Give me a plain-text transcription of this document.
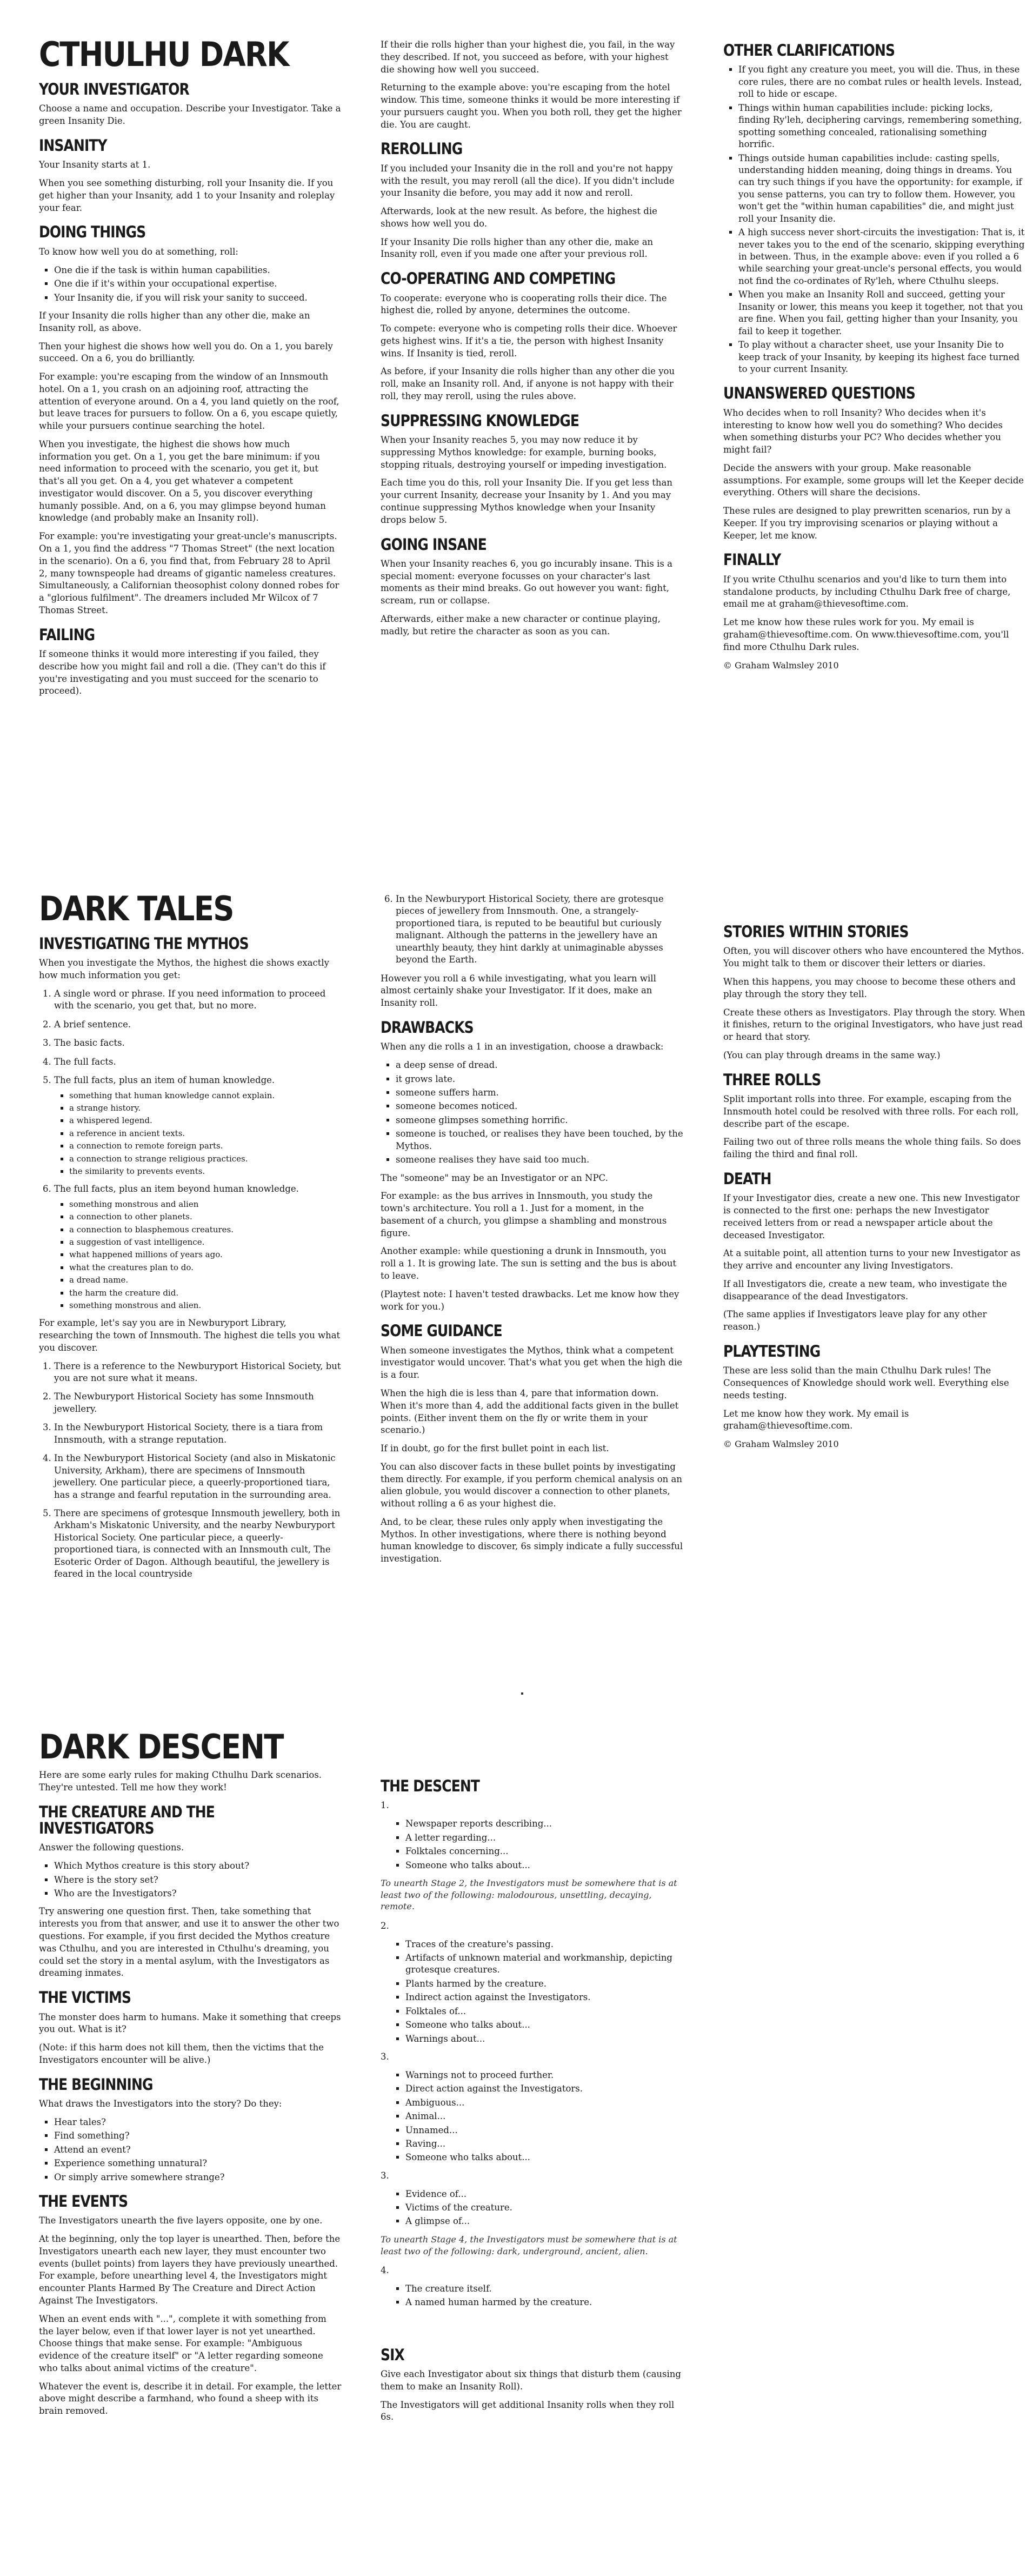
CTHULHU DARK
YOUR INVESTIGATOR

Choose a name and occupation. Describe your Investigator. Take a green Insanity Die.

INSANITY

Your Insanity starts at 1.

When you see something disturbing, roll your Insanity die. If you get higher than your Insanity, add 1 to your Insanity and roleplay your fear.

DOING THINGS

To know how well you do at something, roll:

▪ One die if the task is within human capabilities.
▪ One die if it's within your occupational expertise.
▪ Your Insanity die, if you will risk your sanity to succeed.

If your Insanity die rolls higher than any other die, make an Insanity roll, as above.

Then your highest die shows how well you do. On a 1, you barely succeed. On a 6, you do brilliantly.

For example: you're escaping from the window of an Innsmouth hotel. On a 1, you crash on an adjoining roof, attracting the attention of everyone around. On a 4, you land quietly on the roof, but leave traces for pursuers to follow. On a 6, you escape quietly, while your pursuers continue searching the hotel.

When you investigate, the highest die shows how much information you get. On a 1, you get the bare minimum: if you need information to proceed with the scenario, you get it, but that's all you get. On a 4, you get whatever a competent investigator would discover. On a 5, you discover everything humanly possible. And, on a 6, you may glimpse beyond human knowledge (and probably make an Insanity roll).

For example: you're investigating your great-uncle's manuscripts. On a 1, you find the address "7 Thomas Street" (the next location in the scenario). On a 6, you find that, from February 28 to April 2, many townspeople had dreams of gigantic nameless creatures. Simultaneously, a Californian theosophist colony donned robes for a "glorious fulfilment". The dreamers included Mr Wilcox of 7 Thomas Street.

FAILING

If someone thinks it would more interesting if you failed, they describe how you might fail and roll a die. (They can't do this if you're investigating and you must succeed for the scenario to proceed).

If their die rolls higher than your highest die, you fail, in the way they described. If not, you succeed as before, with your highest die showing how well you succeed.

Returning to the example above: you're escaping from the hotel window. This time, someone thinks it would be more interesting if your pursuers caught you. When you both roll, they get the higher die. You are caught.

REROLLING

If you included your Insanity die in the roll and you're not happy with the result, you may reroll (all the dice). If you didn't include your Insanity die before, you may add it now and reroll.

Afterwards, look at the new result. As before, the highest die shows how well you do.

If your Insanity Die rolls higher than any other die, make an Insanity roll, even if you made one after your previous roll.

CO-OPERATING AND COMPETING

To cooperate: everyone who is cooperating rolls their dice. The highest die, rolled by anyone, determines the outcome.

To compete: everyone who is competing rolls their dice. Whoever gets highest wins. If it's a tie, the person with highest Insanity wins. If Insanity is tied, reroll.

As before, if your Insanity die rolls higher than any other die you roll, make an Insanity roll. And, if anyone is not happy with their roll, they may reroll, using the rules above.

SUPPRESSING KNOWLEDGE

When your Insanity reaches 5, you may now reduce it by suppressing Mythos knowledge: for example, burning books, stopping rituals, destroying yourself or impeding investigation.

Each time you do this, roll your Insanity Die. If you get less than your current Insanity, decrease your Insanity by 1. And you may continue suppressing Mythos knowledge when your Insanity drops below 5.

GOING INSANE

When your Insanity reaches 6, you go incurably insane. This is a special moment: everyone focusses on your character's last moments as their mind breaks. Go out however you want: fight, scream, run or collapse.

Afterwards, either make a new character or continue playing, madly, but retire the character as soon as you can.

OTHER CLARIFICATIONS
▪ If you fight any creature you meet, you will die. Thus, in these core rules, there are no combat rules or health levels. Instead, roll to hide or escape.
▪ Things within human capabilities include: picking locks, finding Ry'leh, deciphering carvings, remembering something, spotting something concealed, rationalising something horrific.
▪ Things outside human capabilities include: casting spells, understanding hidden meaning, doing things in dreams. You can try such things if you have the opportunity: for example, if you sense patterns, you can try to follow them. However, you won't get the "within human capabilities" die, and might just roll your Insanity die.
▪ A high success never short-circuits the investigation: That is, it never takes you to the end of the scenario, skipping everything in between. Thus, in the example above: even if you rolled a 6 while searching your great-uncle's personal effects, you would not find the co-ordinates of Ry'leh, where Cthulhu sleeps.
▪ When you make an Insanity Roll and succeed, getting your Insanity or lower, this means you keep it together, not that you are fine. When you fail, getting higher than your Insanity, you fail to keep it together.
▪ To play without a character sheet, use your Insanity Die to keep track of your Insanity, by keeping its highest face turned to your current Insanity.
UNANSWERED QUESTIONS

Who decides when to roll Insanity? Who decides when it's interesting to know how well you do something? Who decides when something disturbs your PC? Who decides whether you might fail?

Decide the answers with your group. Make reasonable assumptions. For example, some groups will let the Keeper decide everything. Others will share the decisions.

These rules are designed to play prewritten scenarios, run by a Keeper. If you try improvising scenarios or playing without a Keeper, let me know.

FINALLY

If you write Cthulhu scenarios and you'd like to turn them into standalone products, by including Cthulhu Dark free of charge, email me at graham@thievesoftime.com.

Let me know how these rules work for you. My email is graham@thievesoftime.com. On www.thievesoftime.com, you'll find more Cthulhu Dark rules.

© Graham Walmsley 2010

DARK TALES
INVESTIGATING THE MYTHOS

When you investigate the Mythos, the highest die shows exactly how much information you get:

1. A single word or phrase. If you need information to proceed with the scenario, you get that, but no more.
2. A brief sentence.
3. The basic facts.
4. The full facts.
5. The full facts, plus an item of human knowledge.
▪ something that human knowledge cannot explain.
▪ a strange history.
▪ a whispered legend.
▪ a reference in ancient texts.
▪ a connection to remote foreign parts.
▪ a connection to strange religious practices.
▪ the similarity to prevents events.
6. The full facts, plus an item beyond human knowledge.
▪ something monstrous and alien
▪ a connection to other planets.
▪ a connection to blasphemous creatures.
▪ a suggestion of vast intelligence.
▪ what happened millions of years ago.
▪ what the creatures plan to do.
▪ a dread name.
▪ the harm the creature did.
▪ something monstrous and alien.

For example, let's say you are in Newburyport Library, researching the town of Innsmouth. The highest die tells you what you discover.

1. There is a reference to the Newburyport Historical Society, but you are not sure what it means.
2. The Newburyport Historical Society has some Innsmouth jewellery.
3. In the Newburyport Historical Society, there is a tiara from Innsmouth, with a strange reputation.
4. In the Newburyport Historical Society (and also in Miskatonic University, Arkham), there are specimens of Innsmouth jewellery. One particular piece, a queerly-proportioned tiara, has a strange and fearful reputation in the surrounding area.
5. There are specimens of grotesque Innsmouth jewellery, both in Arkham's Miskatonic University, and the nearby Newburyport Historical Society. One particular piece, a queerly-proportioned tiara, is connected with an Innsmouth cult, The Esoteric Order of Dagon. Although beautiful, the jewellery is feared in the local countryside
6. In the Newburyport Historical Society, there are grotesque pieces of jewellery from Innsmouth. One, a strangely-proportioned tiara, is reputed to be beautiful but curiously malignant. Although the patterns in the jewellery have an unearthly beauty, they hint darkly at unimaginable abysses beyond the Earth.

However you roll a 6 while investigating, what you learn will almost certainly shake your Investigator. If it does, make an Insanity roll.

DRAWBACKS

When any die rolls a 1 in an investigation, choose a drawback:

▪ a deep sense of dread.
▪ it grows late.
▪ someone suffers harm.
▪ someone becomes noticed.
▪ someone glimpses something horrific.
▪ someone is touched, or realises they have been touched, by the Mythos.
▪ someone realises they have said too much.

The "someone" may be an Investigator or an NPC.

For example: as the bus arrives in Innsmouth, you study the town's architecture. You roll a 1. Just for a moment, in the basement of a church, you glimpse a shambling and monstrous figure.

Another example: while questioning a drunk in Innsmouth, you roll a 1. It is growing late. The sun is setting and the bus is about to leave.

(Playtest note: I haven't tested drawbacks. Let me know how they work for you.)

SOME GUIDANCE

When someone investigates the Mythos, think what a competent investigator would uncover. That's what you get when the high die is a four.

When the high die is less than 4, pare that information down. When it's more than 4, add the additional facts given in the bullet points. (Either invent them on the fly or write them in your scenario.)

If in doubt, go for the first bullet point in each list.

You can also discover facts in these bullet points by investigating them directly. For example, if you perform chemical analysis on an alien globule, you would discover a connection to other planets, without rolling a 6 as your highest die.

And, to be clear, these rules only apply when investigating the Mythos. In other investigations, where there is nothing beyond human knowledge to discover, 6s simply indicate a fully successful investigation.

STORIES WITHIN STORIES

Often, you will discover others who have encountered the Mythos. You might talk to them or discover their letters or diaries.

When this happens, you may choose to become these others and play through the story they tell.

Create these others as Investigators. Play through the story. When it finishes, return to the original Investigators, who have just read or heard that story.

(You can play through dreams in the same way.)

THREE ROLLS

Split important rolls into three. For example, escaping from the Innsmouth hotel could be resolved with three rolls. For each roll, describe part of the escape.

Failing two out of three rolls means the whole thing fails. So does failing the third and final roll.

DEATH

If your Investigator dies, create a new one. This new Investigator is connected to the first one: perhaps the new Investigator received letters from or read a newspaper article about the deceased Investigator.

At a suitable point, all attention turns to your new Investigator as they arrive and encounter any living Investigators.

If all Investigators die, create a new team, who investigate the disappearance of the dead Investigators.

(The same applies if Investigators leave play for any other reason.)

PLAYTESTING

These are less solid than the main Cthulhu Dark rules! The Consequences of Knowledge should work well. Everything else needs testing.

Let me know how they work. My email is graham@thievesoftime.com.

© Graham Walmsley 2010

DARK DESCENT

Here are some early rules for making Cthulhu Dark scenarios. They're untested. Tell me how they work!

THE CREATURE AND THE INVESTIGATORS

Answer the following questions.

▪ Which Mythos creature is this story about?
▪ Where is the story set?
▪ Who are the Investigators?

Try answering one question first. Then, take something that interests you from that answer, and use it to answer the other two questions. For example, if you first decided the Mythos creature was Cthulhu, and you are interested in Cthulhu's dreaming, you could set the story in a mental asylum, with the Investigators as dreaming inmates.

THE VICTIMS

The monster does harm to humans. Make it something that creeps you out. What is it?

(Note: if this harm does not kill them, then the victims that the Investigators encounter will be alive.)

THE BEGINNING

What draws the Investigators into the story? Do they:

▪ Hear tales?
▪ Find something?
▪ Attend an event?
▪ Experience something unnatural?
▪ Or simply arrive somewhere strange?
THE EVENTS

The Investigators unearth the five layers opposite, one by one.

At the beginning, only the top layer is unearthed. Then, before the Investigators unearth each new layer, they must encounter two events (bullet points) from layers they have previously unearthed. For example, before unearthing level 4, the Investigators might encounter Plants Harmed By The Creature and Direct Action Against The Investigators.

When an event ends with "...", complete it with something from the layer below, even if that lower layer is not yet unearthed. Choose things that make sense. For example: "Ambiguous evidence of the creature itself" or "A letter regarding someone who talks about animal victims of the creature".

Whatever the event is, describe it in detail. For example, the letter above might describe a farmhand, who found a sheep with its brain removed.

THE DESCENT

1.

▪ Newspaper reports describing...
▪ A letter regarding...
▪ Folktales concerning...
▪ Someone who talks about...

To unearth Stage 2, the Investigators must be somewhere that is at least two of the following: malodourous, unsettling, decaying, remote.

2.

▪ Traces of the creature's passing.
▪ Artifacts of unknown material and workmanship, depicting grotesque creatures.
▪ Plants harmed by the creature.
▪ Indirect action against the Investigators.
▪ Folktales of...
▪ Someone who talks about...
▪ Warnings about...

3.

▪ Warnings not to proceed further.
▪ Direct action against the Investigators.
▪ Ambiguous...
▪ Animal...
▪ Unnamed...
▪ Raving...
▪ Someone who talks about...

3.

▪ Evidence of...
▪ Victims of the creature.
▪ A glimpse of...

To unearth Stage 4, the Investigators must be somewhere that is at least two of the following: dark, underground, ancient, alien.

4.

▪ The creature itself.
▪ A named human harmed by the creature.
SIX

Give each Investigator about six things that disturb them (causing them to make an Insanity Roll).

The Investigators will get additional Insanity rolls when they roll 6s.
